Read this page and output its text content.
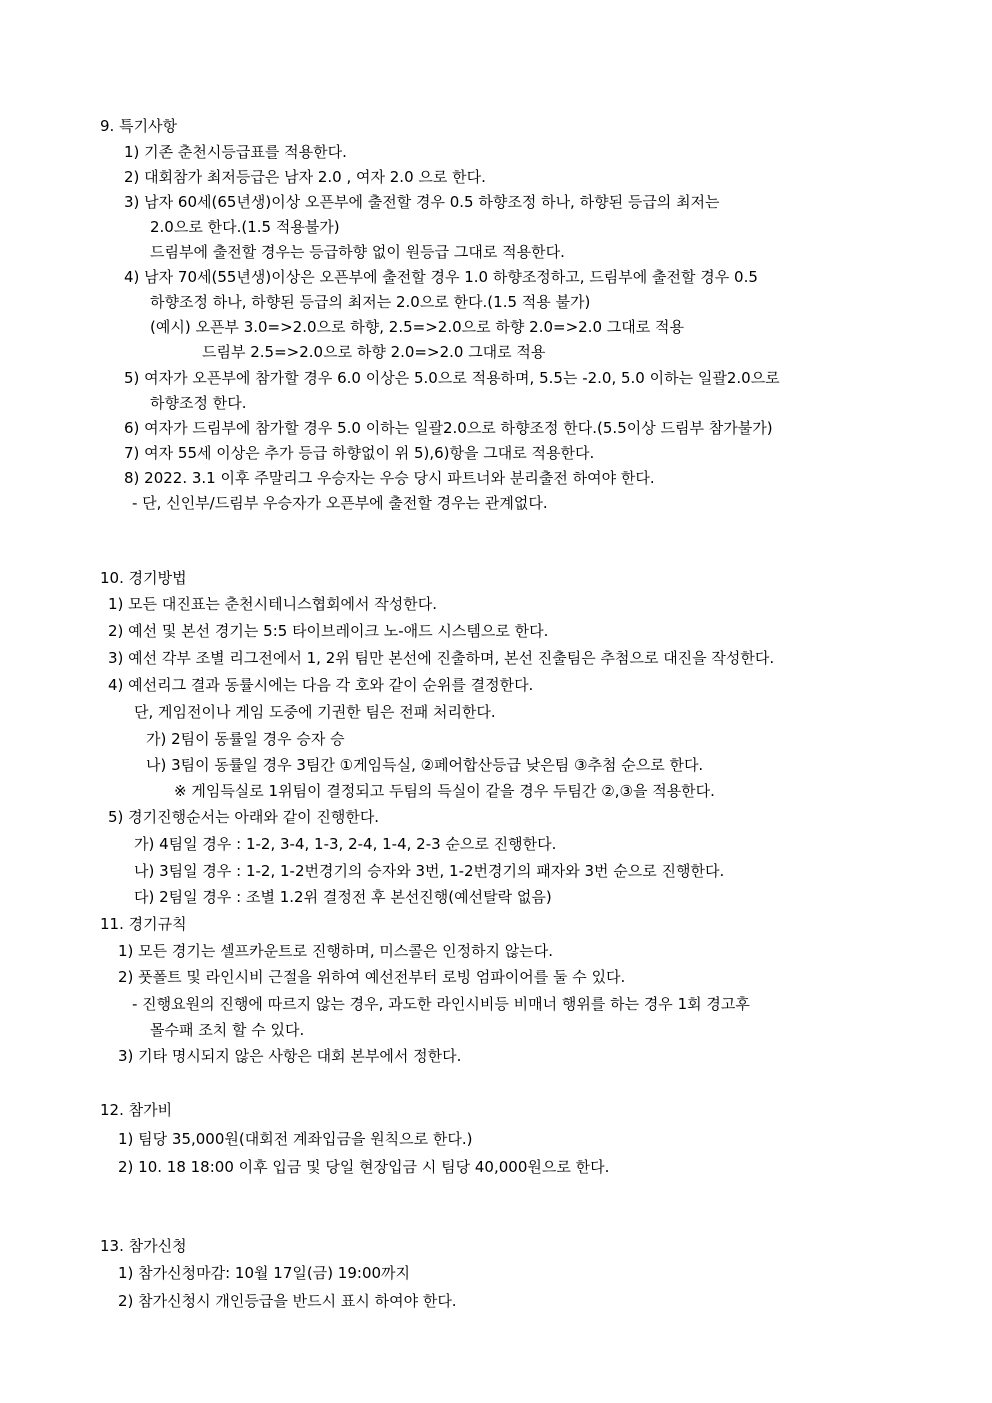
9. 특기사항
1) 기존 춘천시등급표를 적용한다.
2) 대회참가 최저등급은 남자 2.0 , 여자 2.0 으로 한다.
3) 남자 60세(65년생)이상 오픈부에 출전할 경우 0.5 하향조정 하나, 하향된 등급의 최저는
2.0으로 한다.(1.5 적용불가)
드림부에 출전할 경우는 등급하향 없이 원등급 그대로 적용한다.
4) 남자 70세(55년생)이상은 오픈부에 출전할 경우 1.0 하향조정하고, 드림부에 출전할 경우 0.5
하향조정 하나, 하향된 등급의 최저는 2.0으로 한다.(1.5 적용 불가)
(예시) 오픈부 3.0=>2.0으로 하향, 2.5=>2.0으로 하향 2.0=>2.0 그대로 적용
드림부 2.5=>2.0으로 하향 2.0=>2.0 그대로 적용
5) 여자가 오픈부에 참가할 경우 6.0 이상은 5.0으로 적용하며, 5.5는 -2.0, 5.0 이하는 일괄2.0으로
하향조정 한다.
6) 여자가 드림부에 참가할 경우 5.0 이하는 일괄2.0으로 하향조정 한다.(5.5이상 드림부 참가불가)
7) 여자 55세 이상은 추가 등급 하향없이 위 5),6)항을 그대로 적용한다.
8) 2022. 3.1 이후 주말리그 우승자는 우승 당시 파트너와 분리출전 하여야 한다.
- 단, 신인부/드림부 우승자가 오픈부에 출전할 경우는 관계없다.
10. 경기방법
1) 모든 대진표는 춘천시테니스협회에서 작성한다.
2) 예선 및 본선 경기는 5:5 타이브레이크 노-애드 시스템으로 한다.
3) 예선 각부 조별 리그전에서 1, 2위 팀만 본선에 진출하며, 본선 진출팀은 추첨으로 대진을 작성한다.
4) 예선리그 결과 동률시에는 다음 각 호와 같이 순위를 결정한다.
단, 게임전이나 게임 도중에 기권한 팀은 전패 처리한다.
가) 2팀이 동률일 경우 승자 승
나) 3팀이 동률일 경우 3팀간 ①게임득실, ②페어합산등급 낮은팀 ③추첨 순으로 한다.
※ 게임득실로 1위팀이 결정되고 두팀의 득실이 같을 경우 두팀간 ②,③을 적용한다.
5) 경기진행순서는 아래와 같이 진행한다.
가) 4팀일 경우 : 1-2, 3-4, 1-3, 2-4, 1-4, 2-3 순으로 진행한다.
나) 3팀일 경우 : 1-2, 1-2번경기의 승자와 3번, 1-2번경기의 패자와 3번 순으로 진행한다.
다) 2팀일 경우 : 조별 1.2위 결정전 후 본선진행(예선탈락 없음)
11. 경기규칙
1) 모든 경기는 셀프카운트로 진행하며, 미스콜은 인정하지 않는다.
2) 풋폴트 및 라인시비 근절을 위하여 예선전부터 로빙 엄파이어를 둘 수 있다.
- 진행요원의 진행에 따르지 않는 경우, 과도한 라인시비등 비매너 행위를 하는 경우 1회 경고후
몰수패 조치 할 수 있다.
3) 기타 명시되지 않은 사항은 대회 본부에서 정한다.
12. 참가비
1) 팀당 35,000원(대회전 계좌입금을 원칙으로 한다.)
2) 10. 18 18:00 이후 입금 및 당일 현장입금 시 팀당 40,000원으로 한다.
13. 참가신청
1) 참가신청마감: 10월 17일(금) 19:00까지
2) 참가신청시 개인등급을 반드시 표시 하여야 한다.
